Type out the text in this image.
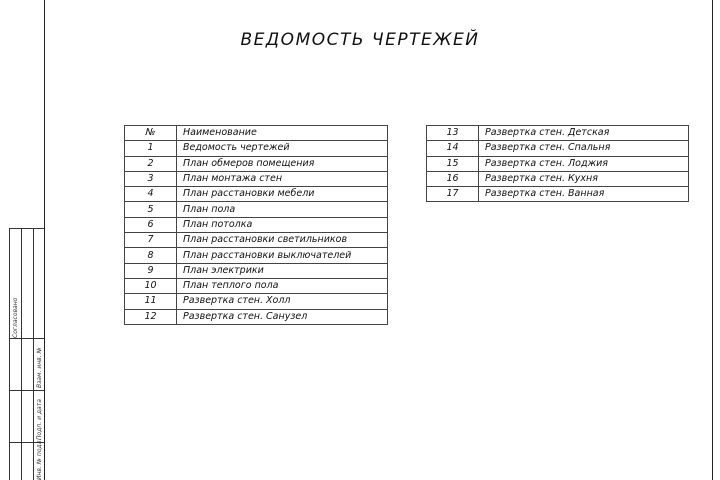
Согласовано
Взам. инв. №
Подп. и дата
Инв. № подл.
ВЕДОМОСТЬ ЧЕРТЕЖЕЙ
№	Наименование
1	Ведомость чертежей
2	План обмеров помещения
3	План монтажа стен
4	План расстановки мебели
5	План пола
6	План потолка
7	План расстановки светильников
8	План расстановки выключателей
9	План электрики
10	План теплого пола
11	Развертка стен. Холл
12	Развертка стен. Санузел
13	Развертка стен. Детская
14	Развертка стен. Спальня
15	Развертка стен. Лоджия
16	Развертка стен. Кухня
17	Развертка стен. Ванная
